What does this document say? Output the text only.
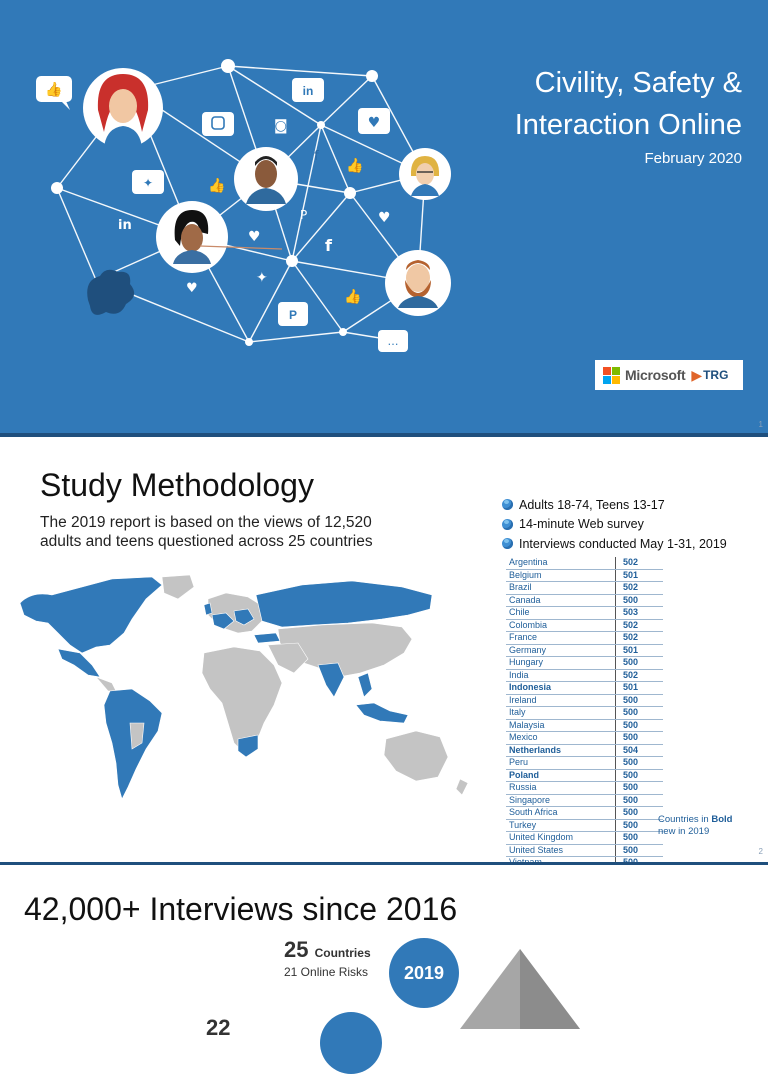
👍	in
♥
✦
P
…
◙
f
👍
👍
in
P	♥
♥	f
✦
♥
👍
Civility, Safety &
Interaction Online
February 2020
Microsoft ▶ TRG
1
Study Methodology
The 2019 report is based on the views of 12,520 adults and teens questioned across 25 countries
Adults 18-74, Teens 13-17
14-minute Web survey
Interviews conducted May 1-31, 2019
Argentina	502
Belgium	501
Brazil	502
Canada	500
Chile	503
Colombia	502
France	502
Germany	501
Hungary	500
India	502
Indonesia	501
Ireland	500
Italy	500
Malaysia	500
Mexico	500
Netherlands	504
Peru	500
Poland	500
Russia	500
Singapore	500
South Africa	500
Turkey	500
United Kingdom	500
United States	500

Countries in Bold
new in 2019
2
42,000+ Interviews since 2016
25 Countries
21 Online Risks	2019
22
